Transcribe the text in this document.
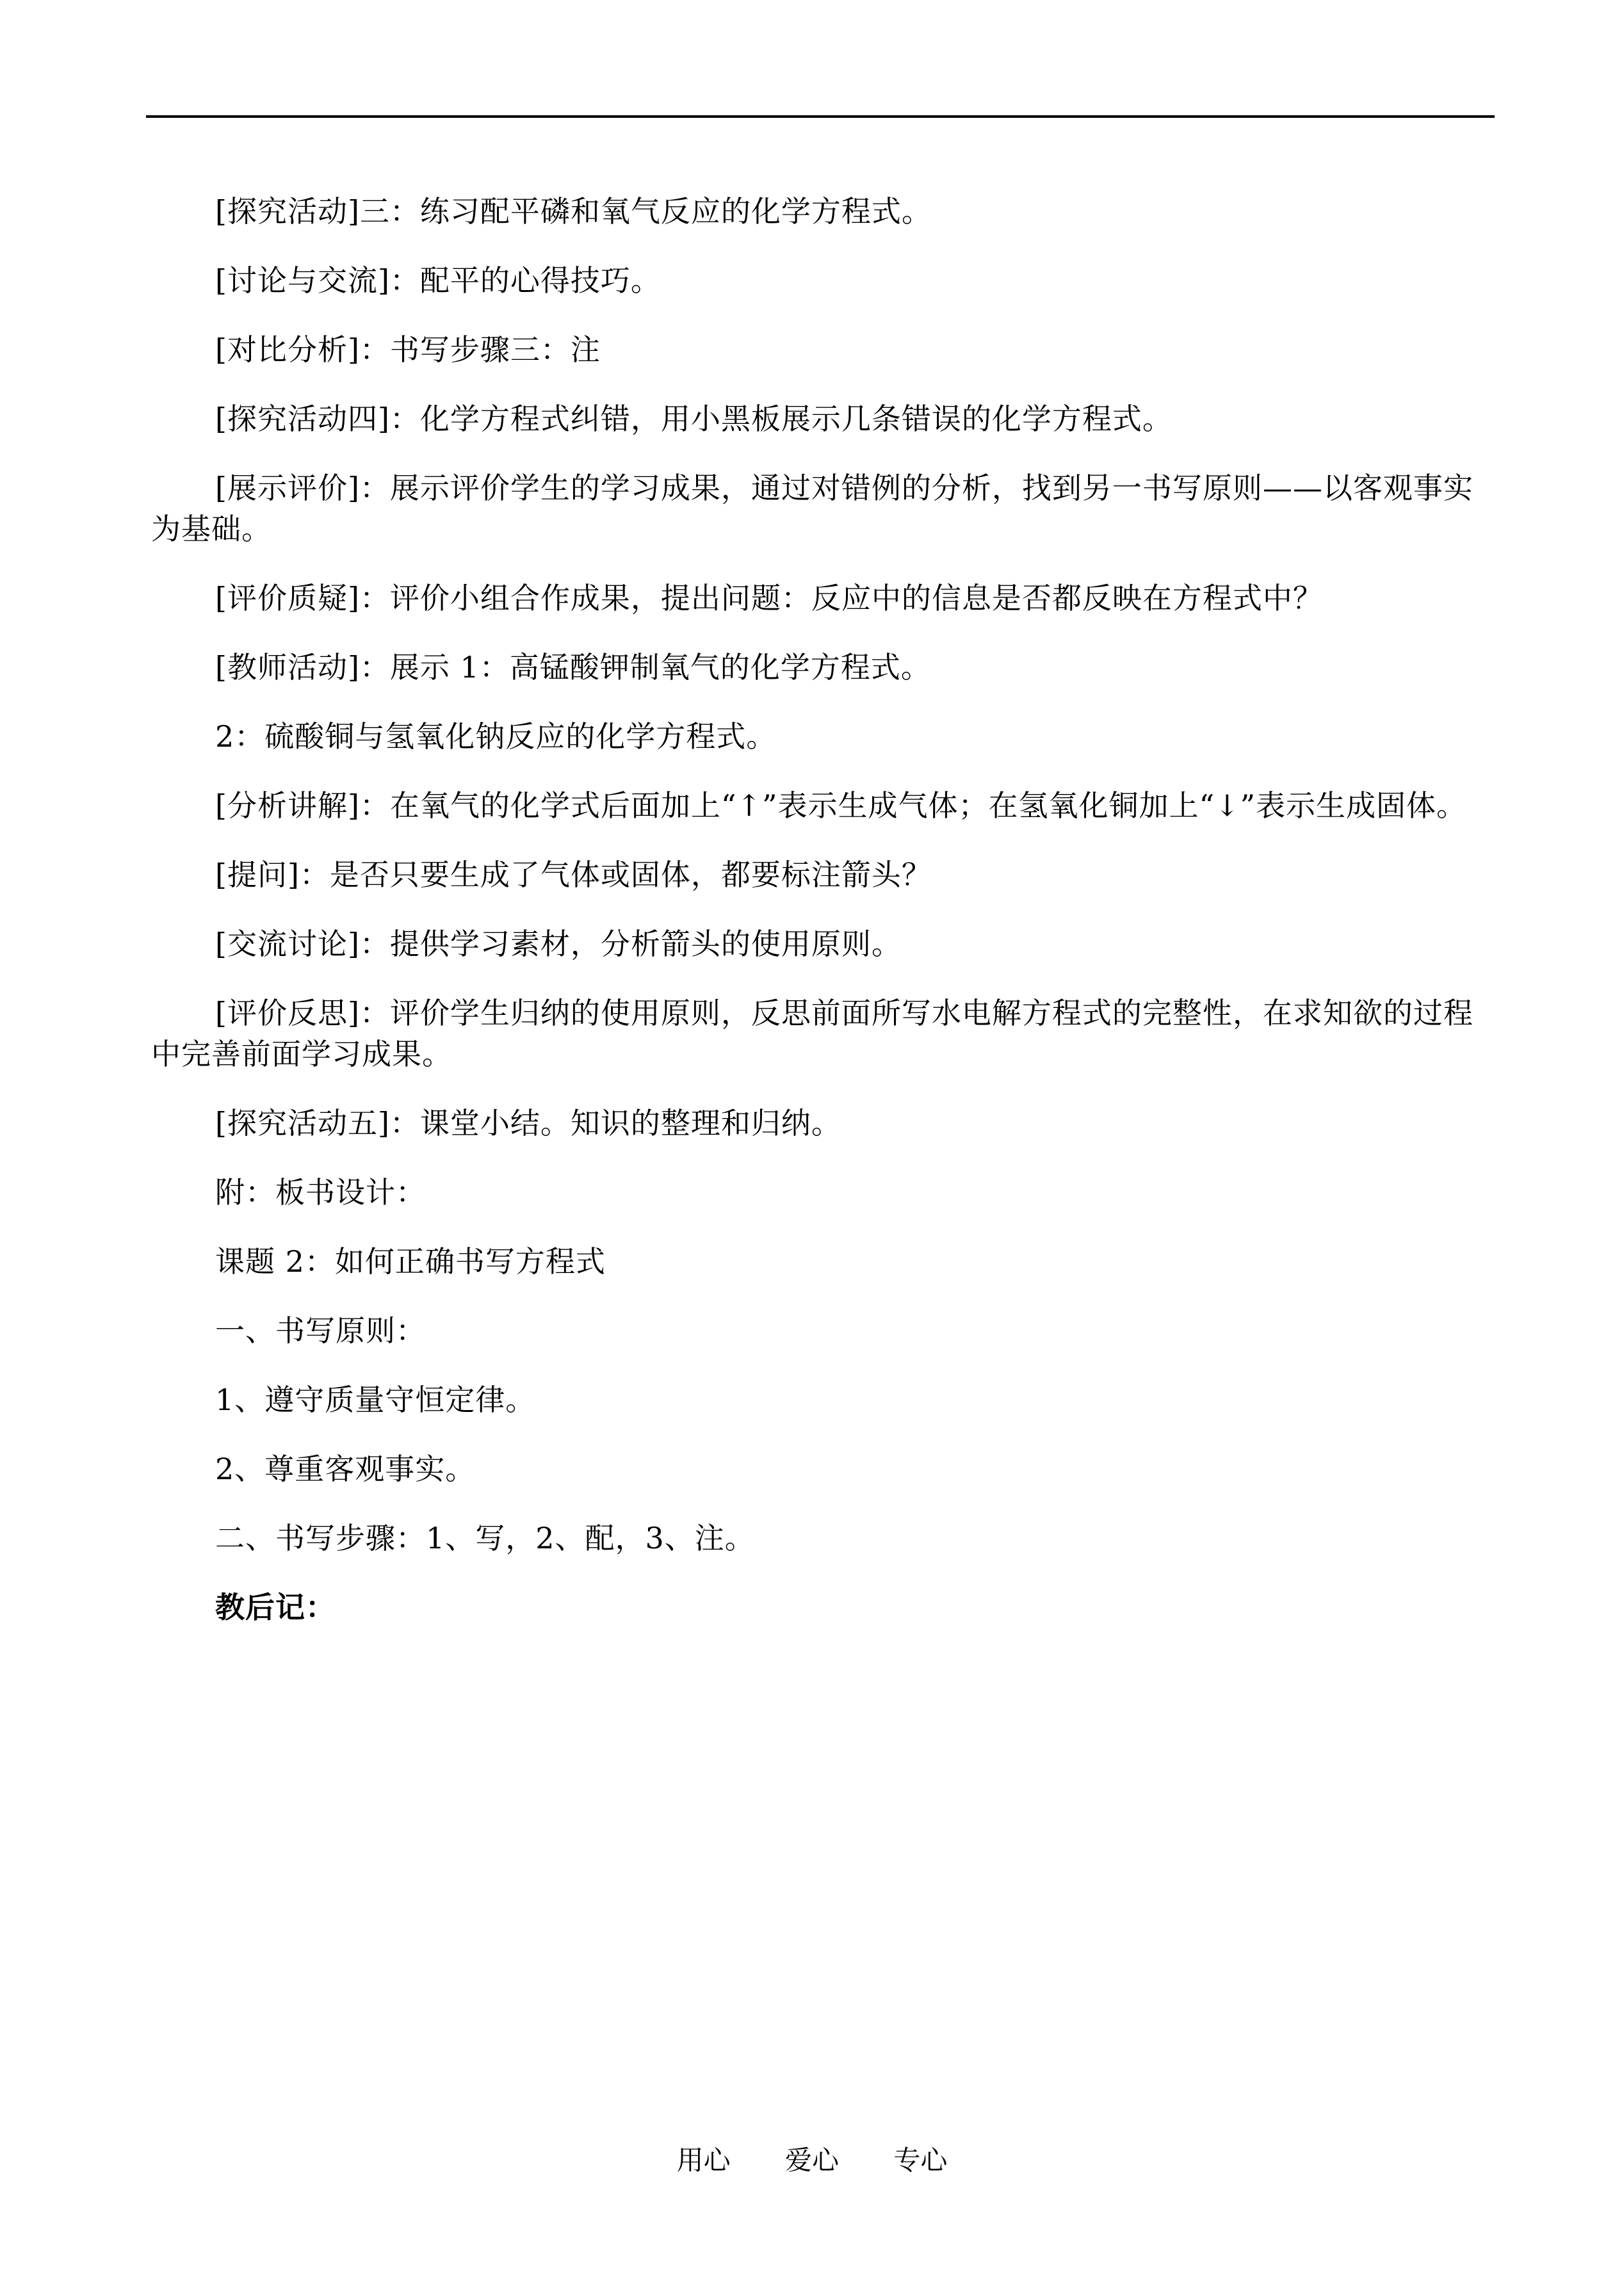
[探究活动]三：练习配平磷和氧气反应的化学方程式。

[讨论与交流]：配平的心得技巧。

[对比分析]：书写步骤三：注

[探究活动四]：化学方程式纠错，用小黑板展示几条错误的化学方程式。

[展示评价]：展示评价学生的学习成果，通过对错例的分析，找到另一书写原则——以客观事实为基础。

[评价质疑]：评价小组合作成果，提出问题：反应中的信息是否都反映在方程式中？

[教师活动]：展示 1：高锰酸钾制氧气的化学方程式。

2：硫酸铜与氢氧化钠反应的化学方程式。

[分析讲解]：在氧气的化学式后面加上“↑”表示生成气体；在氢氧化铜加上“↓”表示生成固体。

[提问]：是否只要生成了气体或固体，都要标注箭头？

[交流讨论]：提供学习素材，分析箭头的使用原则。

[评价反思]：评价学生归纳的使用原则，反思前面所写水电解方程式的完整性，在求知欲的过程中完善前面学习成果。

[探究活动五]：课堂小结。知识的整理和归纳。

附：板书设计：

课题 2：如何正确书写方程式

一、书写原则：

1、遵守质量守恒定律。

2、尊重客观事实。

二、书写步骤：1、写，2、配，3、注。

教后记：

用心 爱心 专心
